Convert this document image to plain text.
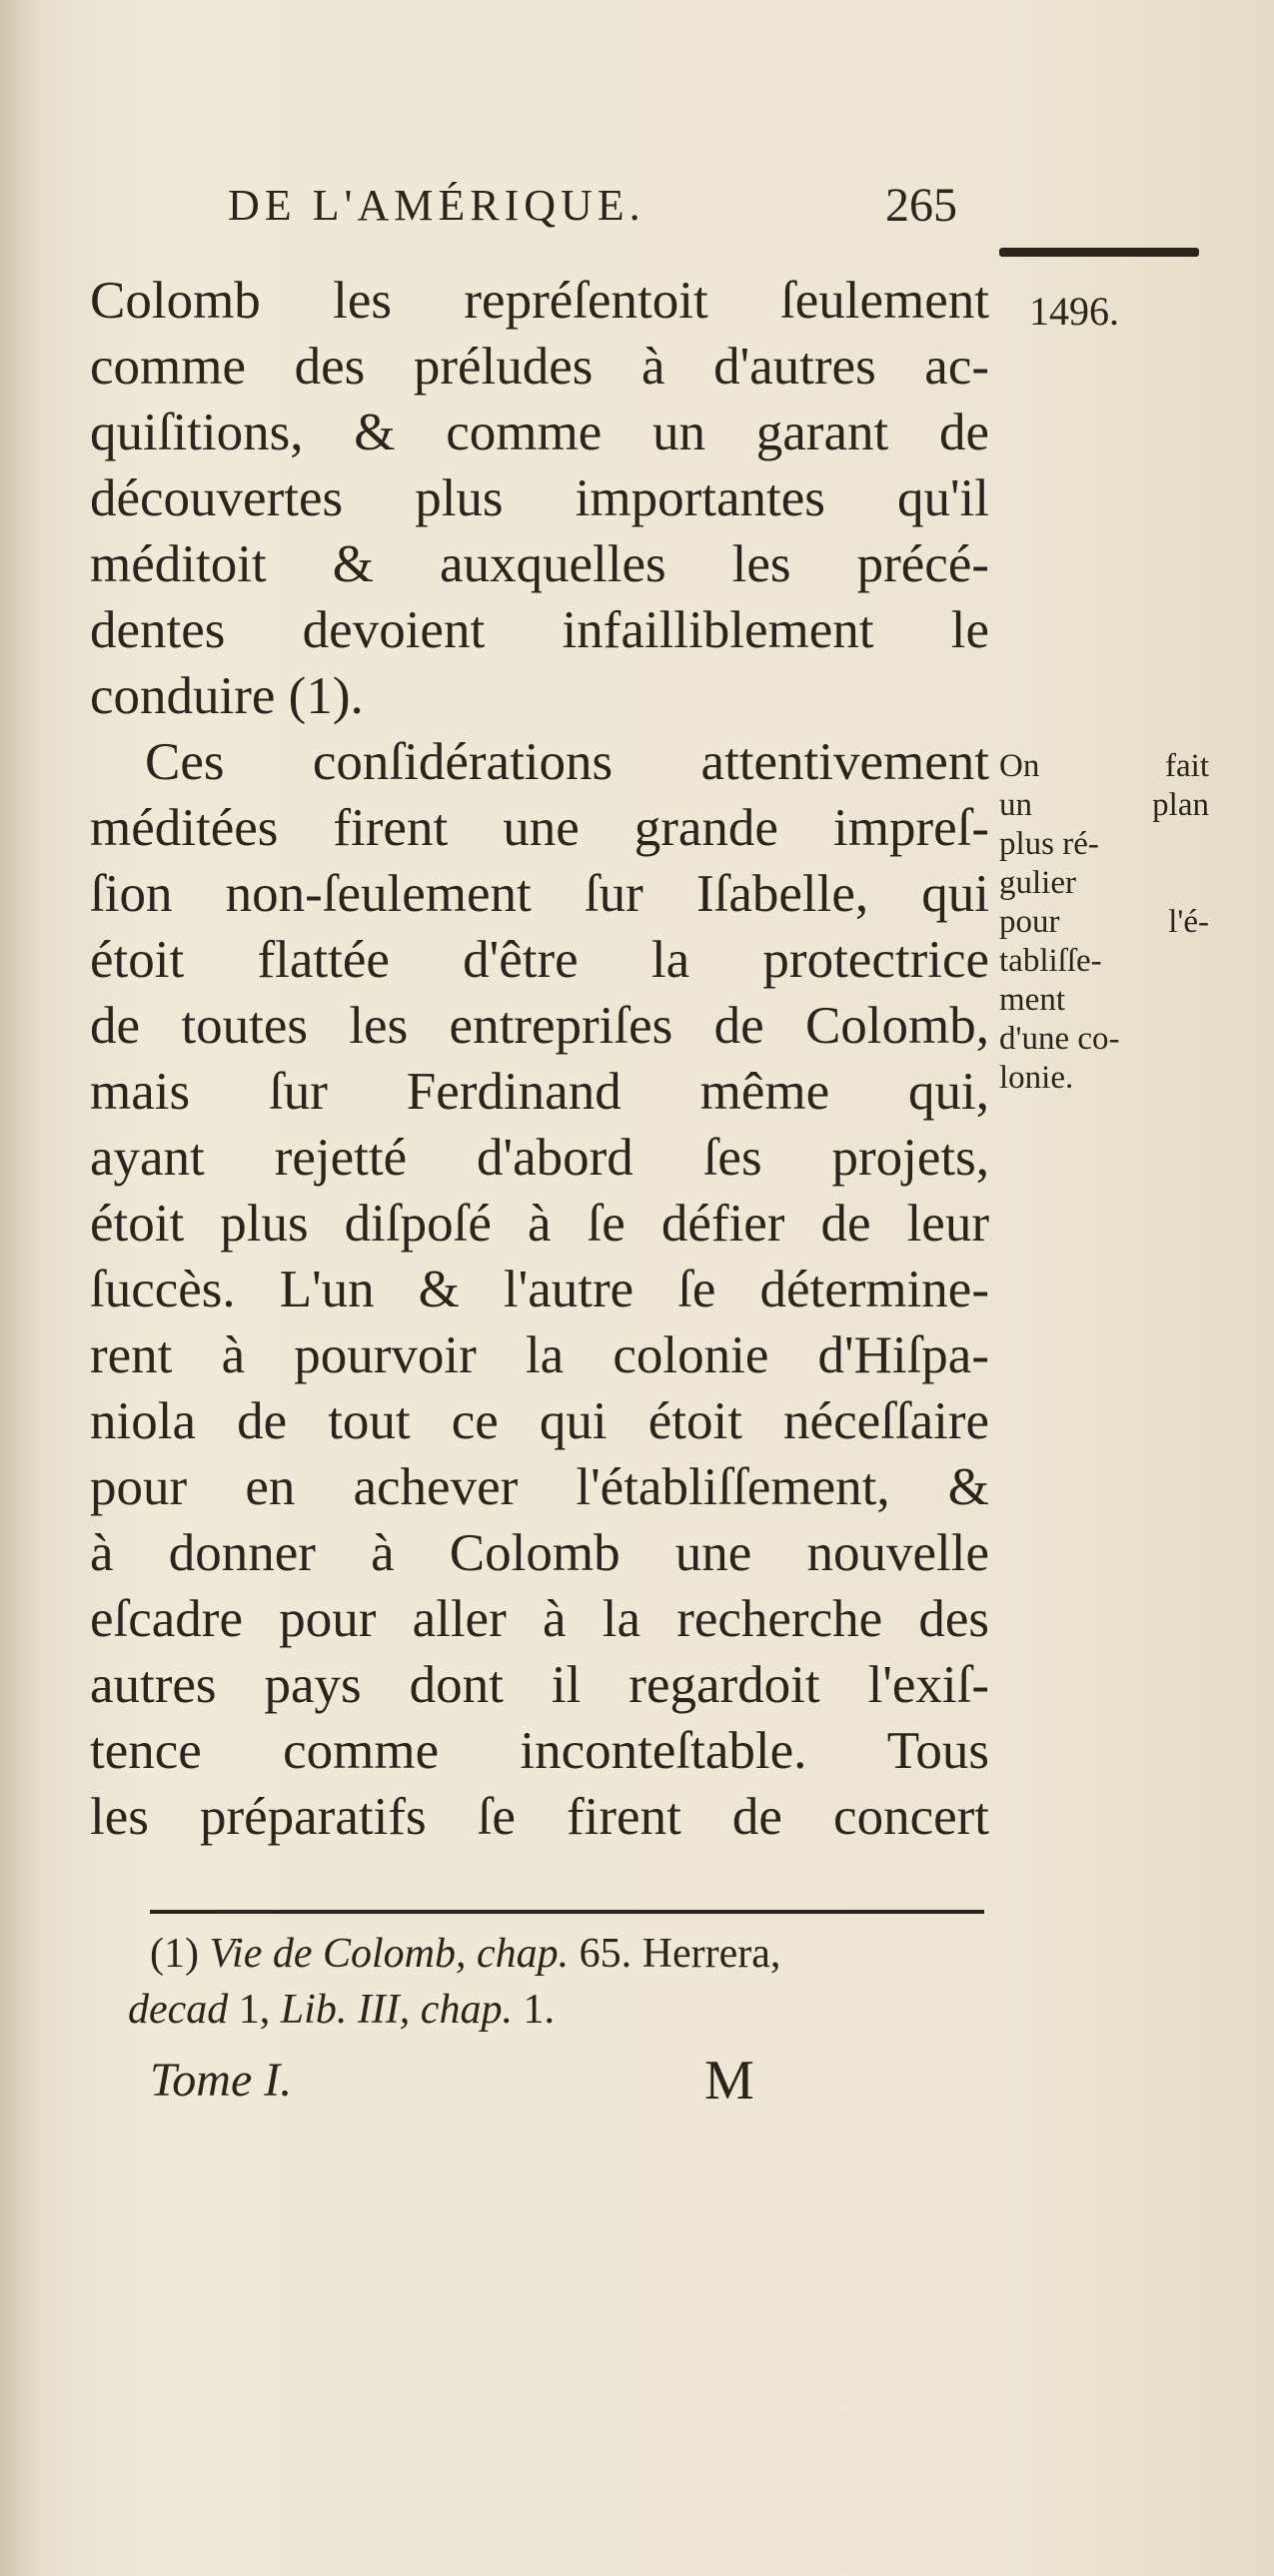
DE L'AMÉRIQUE.	265
1496.
Colomb les repréſentoit ſeulement
comme des préludes à d'autres ac-
quiſitions, & comme un garant de
découvertes plus importantes qu'il
méditoit & auxquelles les précé-
dentes devoient infailliblement le
conduire (1).
Ces conſidérations attentivement
méditées firent une grande impreſ-
ſion non-ſeulement ſur Iſabelle, qui
étoit flattée d'être la protectrice
de toutes les entrepriſes de Colomb,
mais ſur Ferdinand même qui,
ayant rejetté d'abord ſes projets,
étoit plus diſpoſé à ſe défier de leur
ſuccès. L'un & l'autre ſe détermine-
rent à pourvoir la colonie d'Hiſpa-
niola de tout ce qui étoit néceſſaire
pour en achever l'établiſſement, &
à donner à Colomb une nouvelle
eſcadre pour aller à la recherche des
autres pays dont il regardoit l'exiſ-
tence comme inconteſtable. Tous
les préparatifs ſe firent de concert
On fait
un plan
plus ré-
gulier
pour l'é-
tabliſſe-
ment
d'une co-
lonie.
(1) Vie de Colomb, chap. 65. Herrera,
decad 1, Lib. III, chap. 1.
Tome I.	M
